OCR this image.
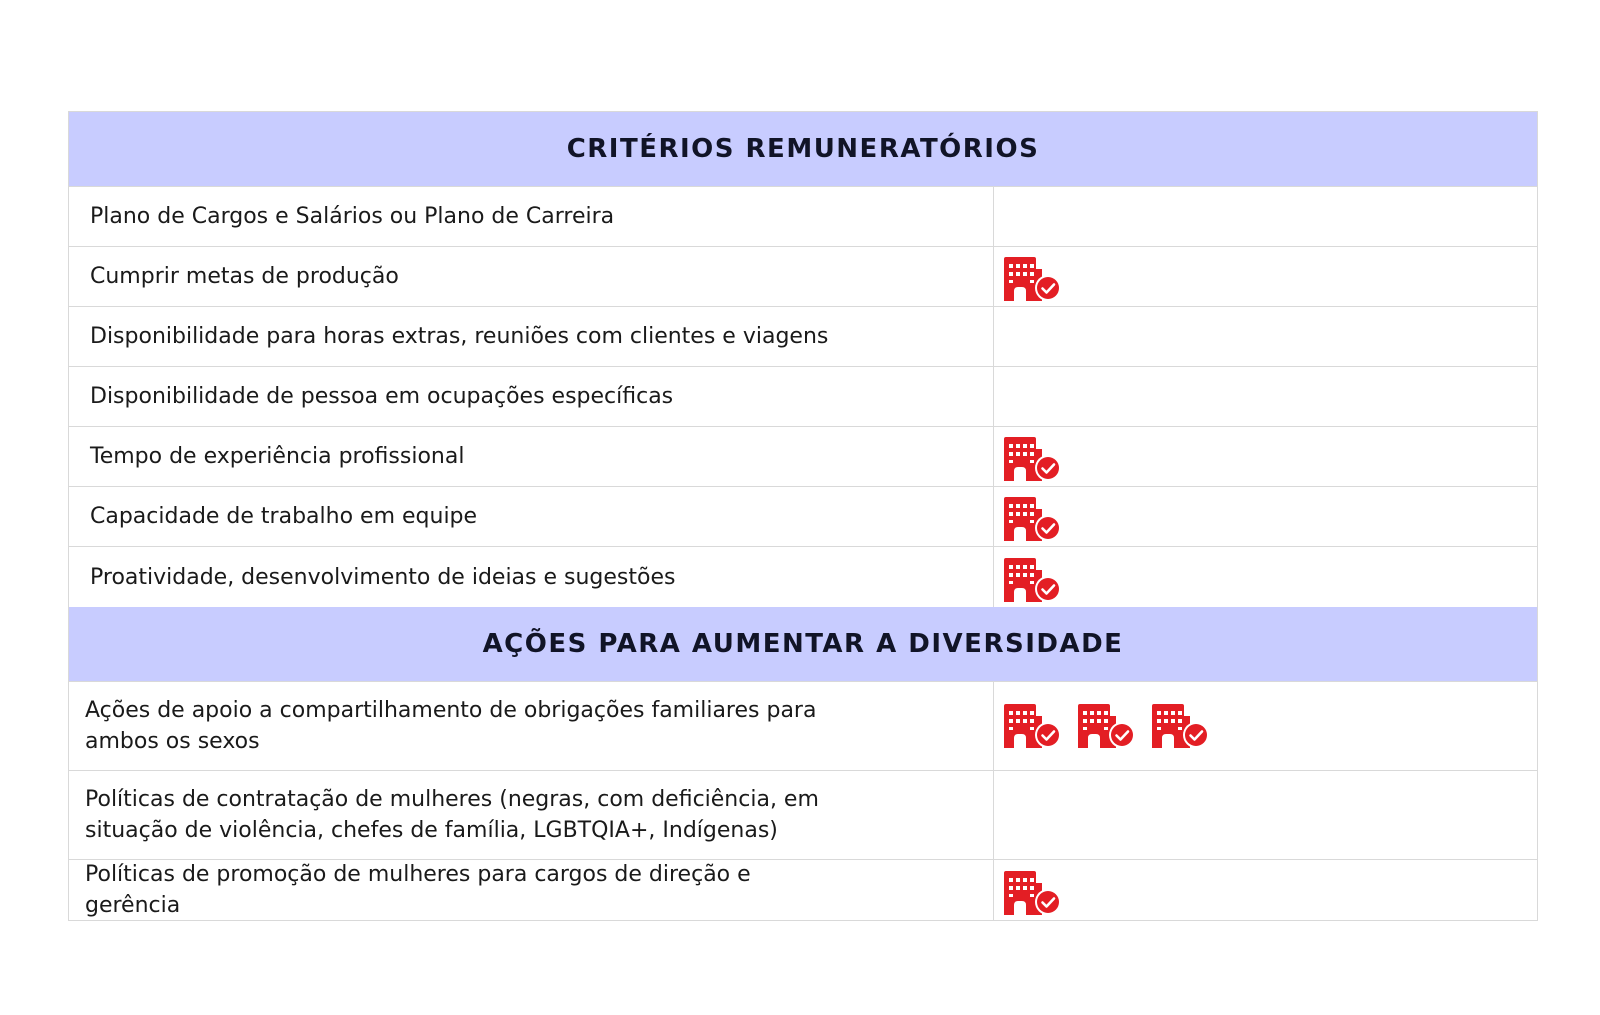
CRITÉRIOS REMUNERATÓRIOS
Plano de Cargos e Salários ou Plano de Carreira
Cumprir metas de produção
Disponibilidade para horas extras, reuniões com clientes e viagens
Disponibilidade de pessoa em ocupações específicas
Tempo de experiência profissional
Capacidade de trabalho em equipe
Proatividade, desenvolvimento de ideias e sugestões
AÇÕES PARA AUMENTAR A DIVERSIDADE
Ações de apoio a compartilhamento de obrigações familiares para ambos os sexos
Políticas de contratação de mulheres (negras, com deficiência, em situação de violência, chefes de família, LGBTQIA+, Indígenas)
Políticas de promoção de mulheres para cargos de direção e gerência
